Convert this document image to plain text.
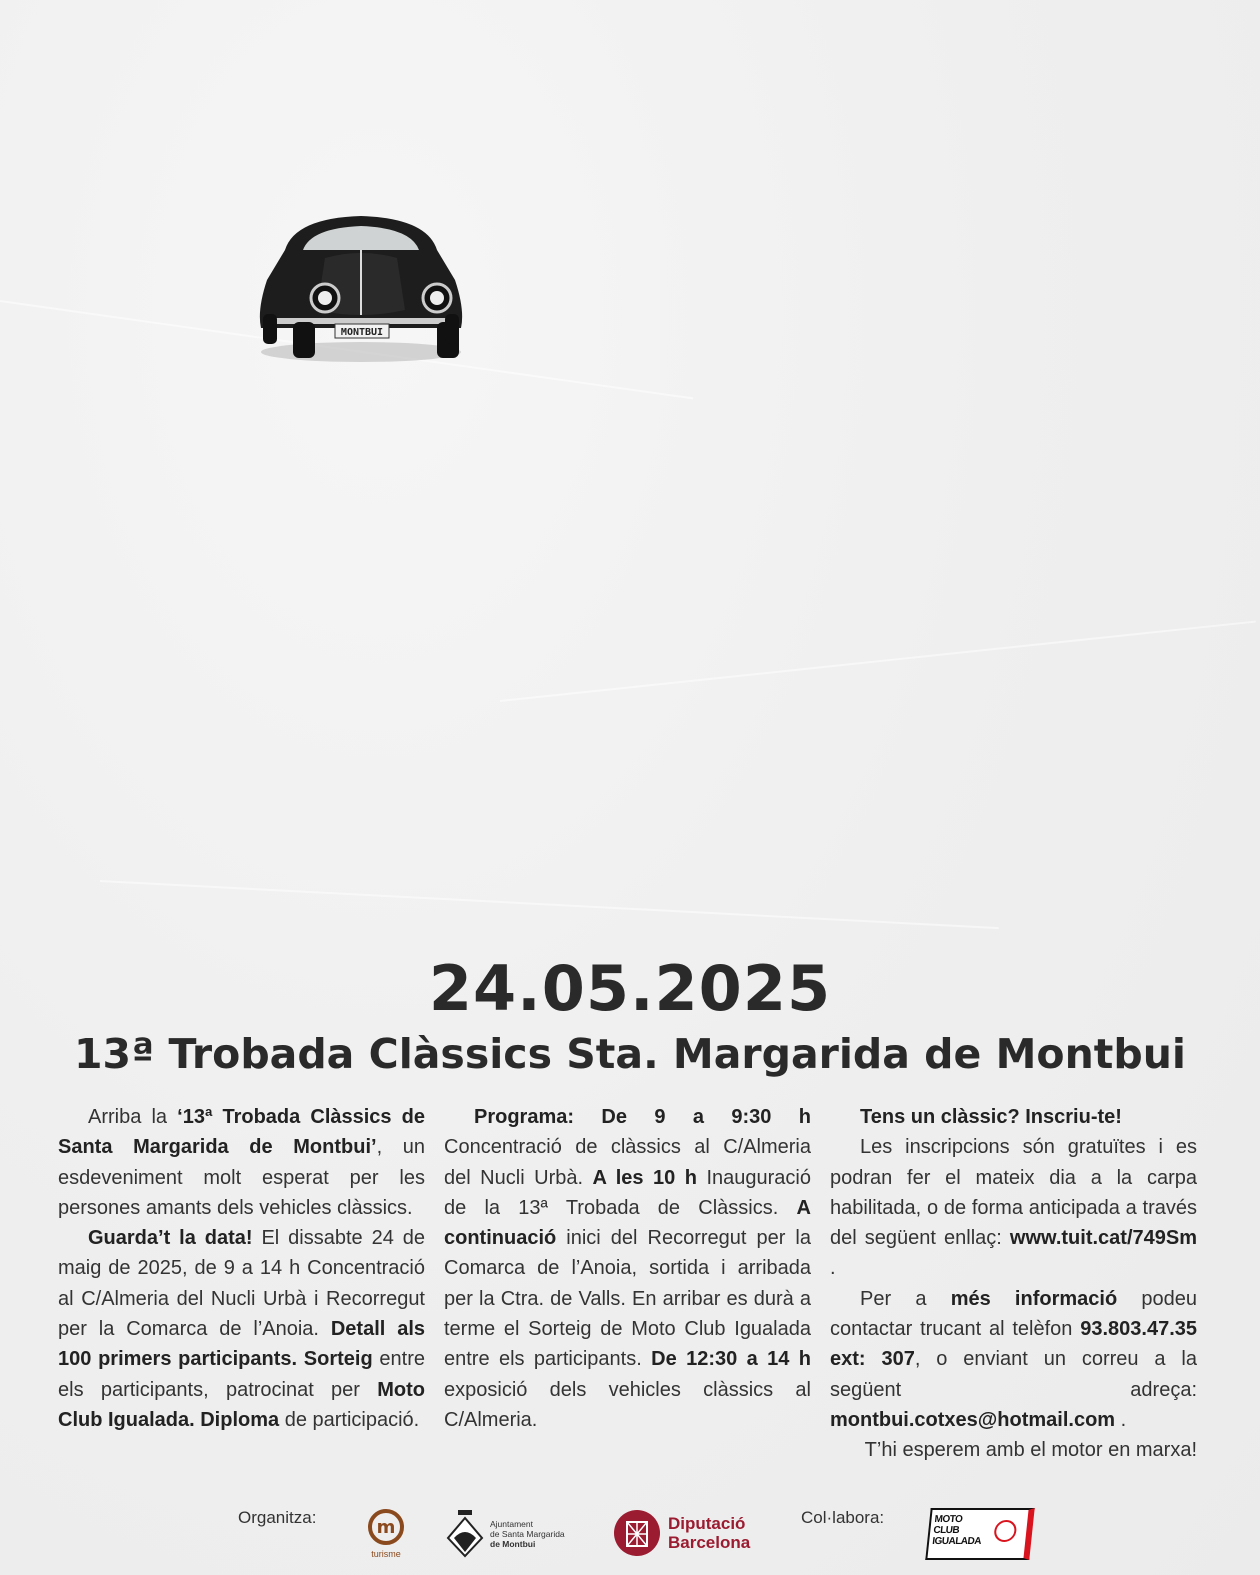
MONTBUI
24.05.2025
13ª Trobada Clàssics Sta. Margarida de Montbui

Arriba la ‘13ª Trobada Clàssics de Santa Margarida de Montbui’, un esdeveniment molt esperat per les persones amants dels vehicles clàssics.

Guarda’t la data! El dissabte 24 de maig de 2025, de 9 a 14 h Concentració al C/Almeria del Nucli Urbà i Recorregut per la Comarca de l’Anoia. Detall als 100 primers participants. Sorteig entre els participants, patrocinat per Moto Club Igualada. Diploma de participació.

Programa: De 9 a 9:30 h Concentració de clàssics al C/Almeria del Nucli Urbà. A les 10 h Inauguració de la 13ª Trobada de Clàssics. A continuació inici del Recorregut per la Comarca de l’Anoia, sortida i arribada per la Ctra. de Valls. En arribar es durà a terme el Sorteig de Moto Club Igualada entre els participants. De 12:30 a 14 h exposició dels vehicles clàssics al C/Almeria.

Tens un clàssic? Inscriu-te!

Les inscripcions són gratuïtes i es podran fer el mateix dia a la carpa habilitada, o de forma anticipada a través del següent enllaç: www.tuit.cat/749Sm .

Per a més informació podeu contactar trucant al telèfon 93.803.47.35 ext: 307, o enviant un correu a la següent adreça: montbui.cotxes@hotmail.com .

T’hi esperem amb el motor en marxa!

Organitza:	m
turisme
Ajuntament
de Santa Margarida
de Montbui
Diputació
Barcelona
Col·labora:	MOTO
CLUB
IGUALADA
